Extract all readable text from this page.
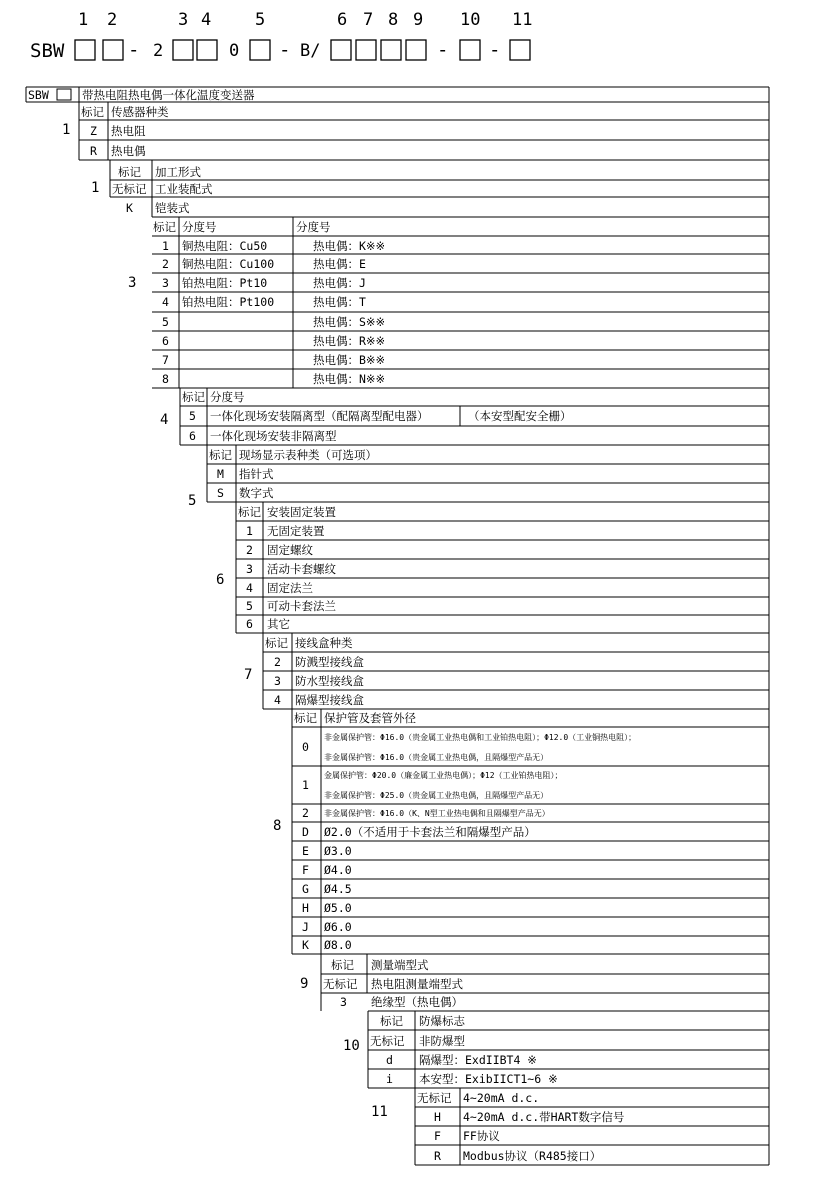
1 2	3 4	5	6 7 8 9 10 11
SBW	- 2	0 - B/	- -
SBW	带热电阻热电偶一体化温度变送器
1
标记 传感器种类
Z 热电阻
R 热电偶
1
标记 加工形式
无标记 工业装配式
K 铠装式
3
标记 分度号	分度号
1 铜热电阻：Cu50	热电偶：K※※
2 铜热电阻：Cu100	热电偶：E
3 铂热电阻：Pt10	热电偶：J
4 铂热电阻：Pt100	热电偶：T
5	热电偶：S※※
6	热电偶：R※※
7	热电偶：B※※
8	热电偶：N※※
4
标记 分度号
5 一体化现场安装隔离型（配隔离型配电器）	（本安型配安全栅）
6 一体化现场安装非隔离型
5
标记 现场显示表种类（可选项）
M 指针式
S 数字式
6
标记 安装固定装置
1 无固定装置
2 固定螺纹
3 活动卡套螺纹
4 固定法兰
5 可动卡套法兰
6 其它
7
标记 接线盒种类
2 防溅型接线盒
3 防水型接线盒
4 隔爆型接线盒
8
标记 保护管及套管外径
0
非金属保护管：Φ16.0（贵金属工业热电偶和工业铂热电阻）；Φ12.0（工业铜热电阻）；
非金属保护管：Φ16.0（贵金属工业热电偶，且隔爆型产品无）
1
金属保护管：Φ20.0（廉金属工业热电偶）；Φ12（工业铂热电阻）；
非金属保护管：Φ25.0（贵金属工业热电偶，且隔爆型产品无）
2 非金属保护管：Φ16.0（K、N型工业热电偶和且隔爆型产品无）
D Ø2.0（不适用于卡套法兰和隔爆型产品）
E Ø3.0
F Ø4.0
G Ø4.5
H Ø5.0
J Ø6.0
K Ø8.0
9
标记 测量端型式
无标记 热电阻测量端型式
3 绝缘型（热电偶）
10
标记 防爆标志
无标记 非防爆型
d 隔爆型：ExdIIBT4 ※
i 本安型：ExibIICT1~6 ※
11
无标记 4~20mA d.c.
H 4~20mA d.c.带HART数字信号
F FF协议
R Modbus协议（R485接口）
